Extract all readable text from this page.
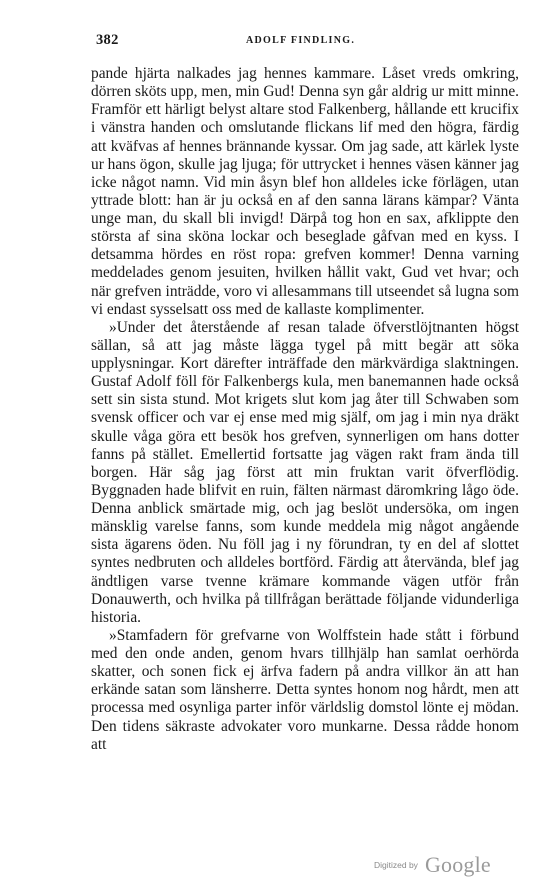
382	ADOLF FINDLING.

pande hjärta nalkades jag hennes kammare. Låset vreds omkring, dörren sköts upp, men, min Gud! Denna syn går aldrig ur mitt minne. Framför ett härligt belyst altare stod Falkenberg, hållande ett krucifix i vänstra handen och omslutande flickans lif med den högra, färdig att kväfvas af hennes brännande kyssar. Om jag sade, att kärlek lyste ur hans ögon, skulle jag ljuga; för uttrycket i hennes väsen känner jag icke något namn. Vid min åsyn blef hon alldeles icke förlägen, utan yttrade blott: han är ju också en af den sanna lärans kämpar? Vänta unge man, du skall bli invigd! Därpå tog hon en sax, afklippte den största af sina sköna lockar och beseglade gåfvan med en kyss. I detsamma hördes en röst ropa: grefven kommer! Denna varning meddelades genom jesuiten, hvilken hållit vakt, Gud vet hvar; och när grefven inträdde, voro vi allesammans till utseendet så lugna som vi endast sysselsatt oss med de kallaste komplimenter.

»Under det återstående af resan talade öfverstlöjtnanten högst sällan, så att jag måste lägga tygel på mitt begär att söka upplysningar. Kort därefter inträffade den märkvärdiga slaktningen. Gustaf Adolf föll för Falkenbergs kula, men banemannen hade också sett sin sista stund. Mot krigets slut kom jag åter till Schwaben som svensk officer och var ej ense med mig själf, om jag i min nya dräkt skulle våga göra ett besök hos grefven, synnerligen om hans dotter fanns på stället. Emellertid fortsatte jag vägen rakt fram ända till borgen. Här såg jag först att min fruktan varit öfverflödig. Byggnaden hade blifvit en ruin, fälten närmast däromkring lågo öde. Denna anblick smärtade mig, och jag beslöt undersöka, om ingen mänsklig varelse fanns, som kunde meddela mig något angående sista ägarens öden. Nu föll jag i ny förundran, ty en del af slottet syntes nedbruten och alldeles bortförd. Färdig att återvända, blef jag ändtligen varse tvenne krämare kommande vägen utför från Donauwerth, och hvilka på tillfrågan berättade följande vidunderliga historia.

»Stamfadern för grefvarne von Wolffstein hade stått i förbund med den onde anden, genom hvars tillhjälp han samlat oerhörda skatter, och sonen fick ej ärfva fadern på andra villkor än att han erkände satan som länsherre. Detta syntes honom nog hårdt, men att processa med osynliga parter inför världslig domstol lönte ej mödan. Den tidens säkraste advokater voro munkarne. Dessa rådde honom att

$^{Digitized by}$ Google
